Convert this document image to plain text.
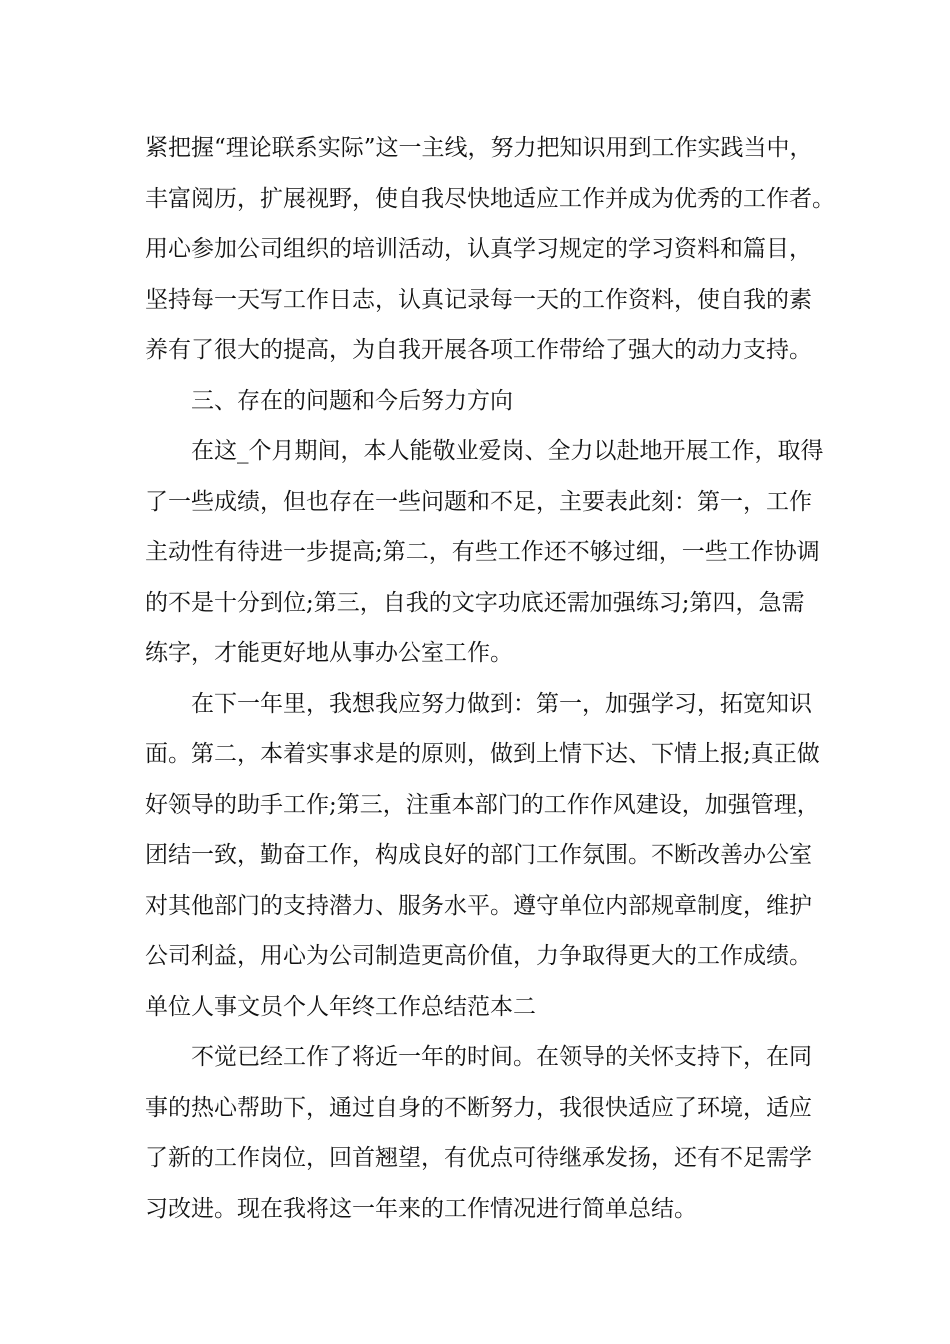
紧把握“理论联系实际”这一主线，努力把知识用到工作实践当中，
丰富阅历，扩展视野，使自我尽快地适应工作并成为优秀的工作者。
用心参加公司组织的培训活动，认真学习规定的学习资料和篇目，
坚持每一天写工作日志，认真记录每一天的工作资料，使自我的素
养有了很大的提高，为自我开展各项工作带给了强大的动力支持。
三、存在的问题和今后努力方向
在这_个月期间，本人能敬业爱岗、全力以赴地开展工作，取得
了一些成绩，但也存在一些问题和不足，主要表此刻：第一，工作
主动性有待进一步提高;第二，有些工作还不够过细，一些工作协调
的不是十分到位;第三，自我的文字功底还需加强练习;第四，急需
练字，才能更好地从事办公室工作。
在下一年里，我想我应努力做到：第一，加强学习，拓宽知识
面。第二，本着实事求是的原则，做到上情下达、下情上报;真正做
好领导的助手工作;第三，注重本部门的工作作风建设，加强管理，
团结一致，勤奋工作，构成良好的部门工作氛围。不断改善办公室
对其他部门的支持潜力、服务水平。遵守单位内部规章制度，维护
公司利益，用心为公司制造更高价值，力争取得更大的工作成绩。
单位人事文员个人年终工作总结范本二
不觉已经工作了将近一年的时间。在领导的关怀支持下，在同
事的热心帮助下，通过自身的不断努力，我很快适应了环境，适应
了新的工作岗位，回首翘望，有优点可待继承发扬，还有不足需学
习改进。现在我将这一年来的工作情况进行简单总结。
